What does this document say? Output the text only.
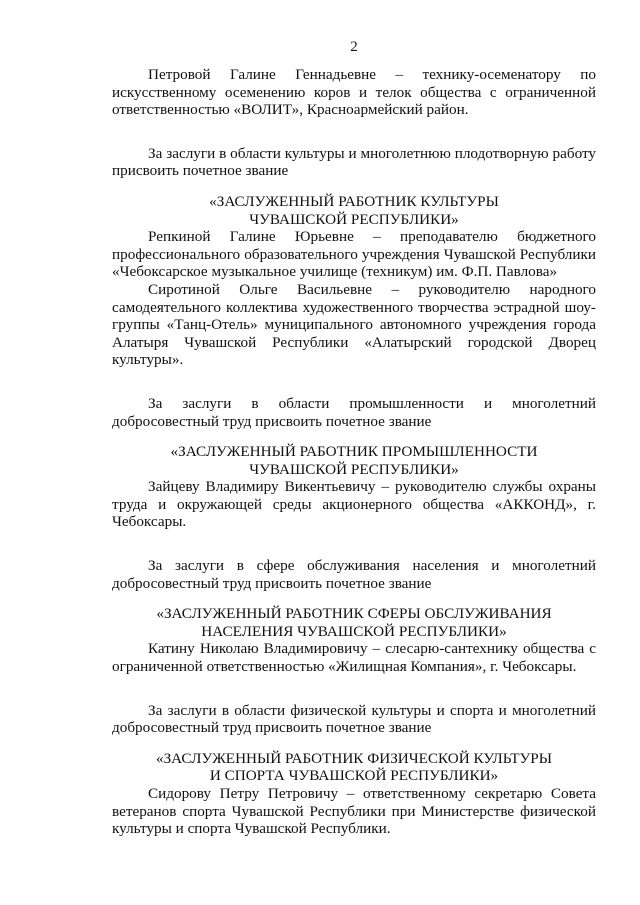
2

Петровой Галине Геннадьевне – технику-осеменатору по искусственному осеменению коров и телок общества с ограниченной ответственностью «ВОЛИТ», Красноармейский район.

За заслуги в области культуры и многолетнюю плодотворную работу присвоить почетное звание

«ЗАСЛУЖЕННЫЙ РАБОТНИК КУЛЬТУРЫ
ЧУВАШСКОЙ РЕСПУБЛИКИ»

Репкиной Галине Юрьевне – преподавателю бюджетного профессионального образовательного учреждения Чувашской Республики «Чебоксарское музыкальное училище (техникум) им. Ф.П. Павлова»

Сиротиной Ольге Васильевне – руководителю народного самодеятельного коллектива художественного творчества эстрадной шоу-группы «Танц-Отель» муниципального автономного учреждения города Алатыря Чувашской Республики «Алатырский городской Дворец культуры».

За заслуги в области промышленности и многолетний добросовестный труд присвоить почетное звание

«ЗАСЛУЖЕННЫЙ РАБОТНИК ПРОМЫШЛЕННОСТИ
ЧУВАШСКОЙ РЕСПУБЛИКИ»

Зайцеву Владимиру Викентьевичу – руководителю службы охраны труда и окружающей среды акционерного общества «АККОНД», г. Чебоксары.

За заслуги в сфере обслуживания населения и многолетний добросовестный труд присвоить почетное звание

«ЗАСЛУЖЕННЫЙ РАБОТНИК СФЕРЫ ОБСЛУЖИВАНИЯ
НАСЕЛЕНИЯ ЧУВАШСКОЙ РЕСПУБЛИКИ»

Катину Николаю Владимировичу – слесарю-сантехнику общества с ограниченной ответственностью «Жилищная Компания», г. Чебоксары.

За заслуги в области физической культуры и спорта и многолетний добросовестный труд присвоить почетное звание

«ЗАСЛУЖЕННЫЙ РАБОТНИК ФИЗИЧЕСКОЙ КУЛЬТУРЫ
И СПОРТА ЧУВАШСКОЙ РЕСПУБЛИКИ»

Сидорову Петру Петровичу – ответственному секретарю Совета ветеранов спорта Чувашской Республики при Министерстве физической культуры и спорта Чувашской Республики.
